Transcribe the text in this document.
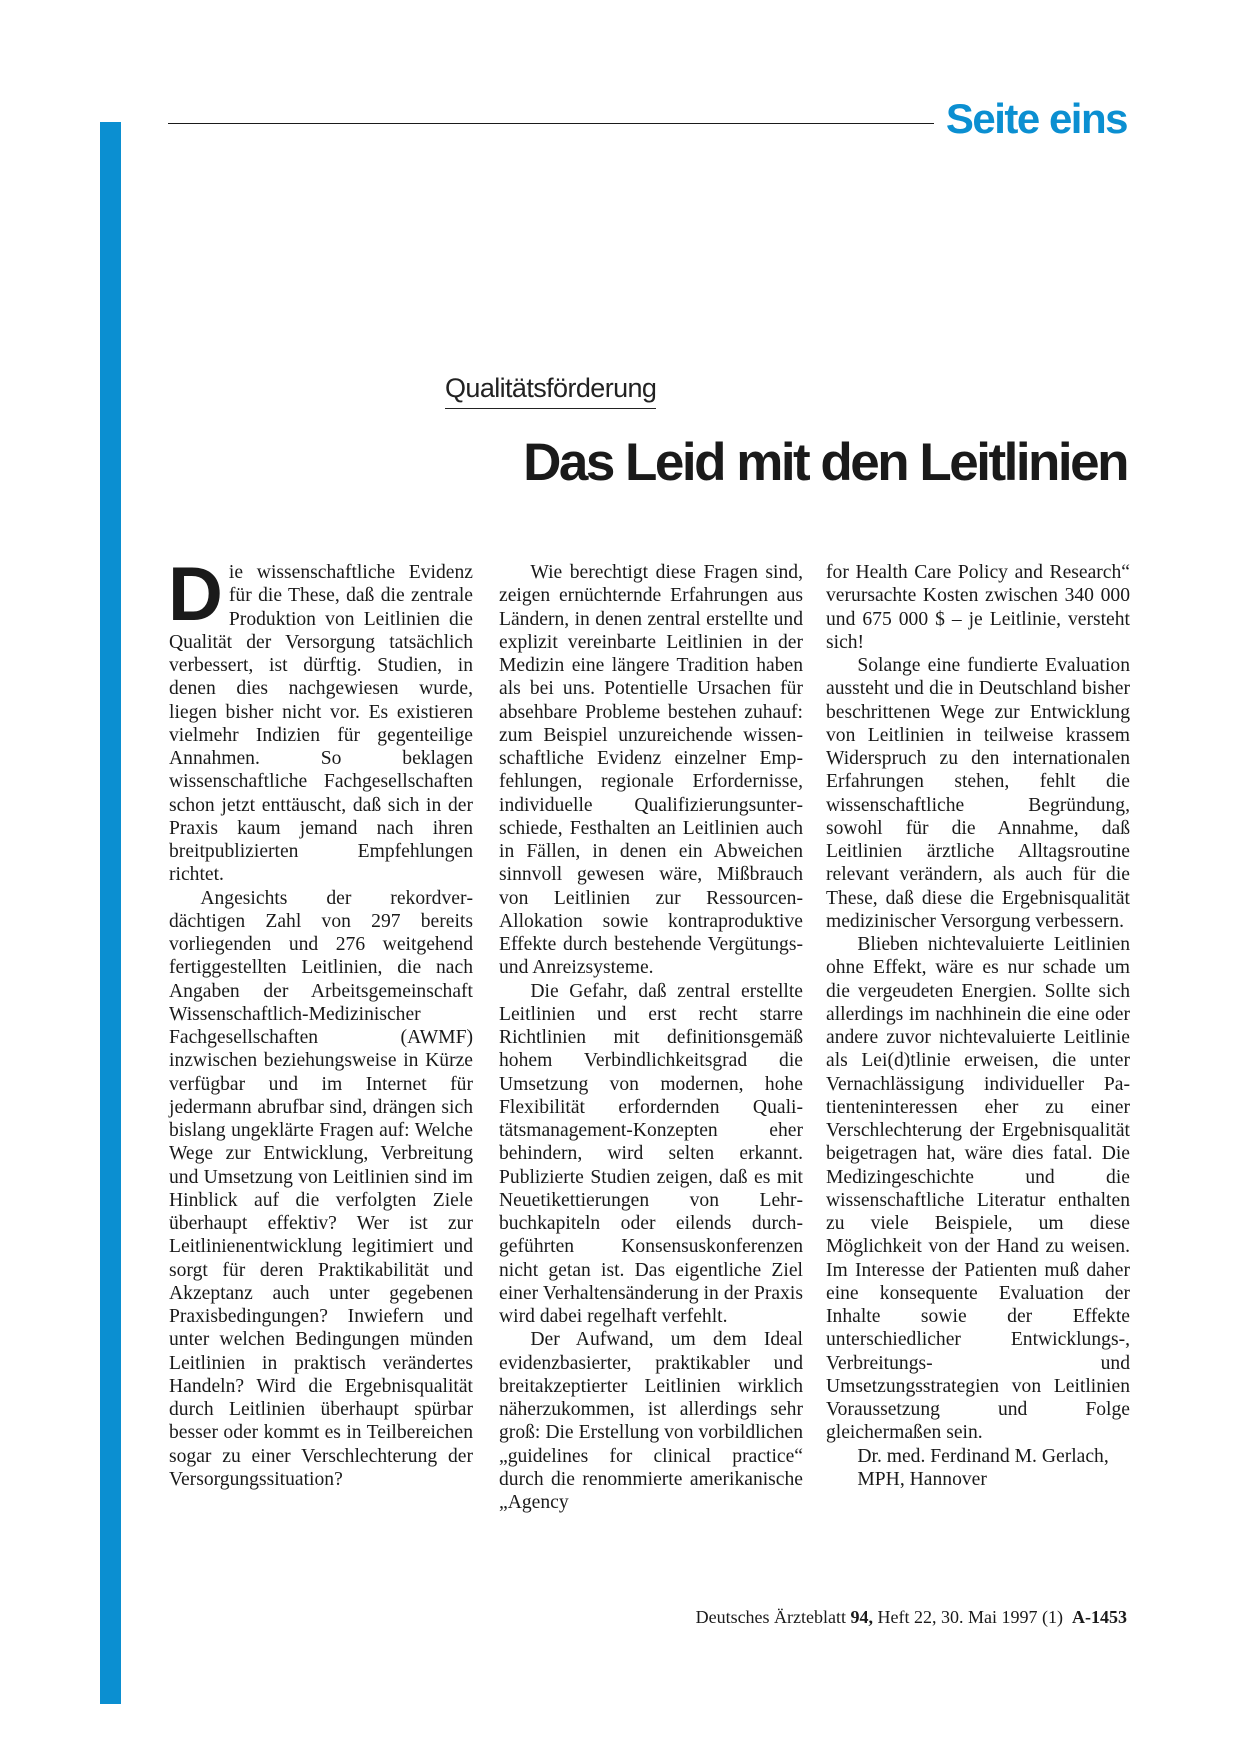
Seite eins
Qualitätsförderung
Das Leid mit den Leitlinien

Die wissenschaftliche Evidenz für die These, daß die zentrale Produktion von Leitlinien die Qualität der Versorgung tatsächlich verbessert, ist dürftig. Studien, in denen dies nachgewiesen wurde, liegen bisher nicht vor. Es existieren vielmehr Indizien für gegenteilige Annahmen. So beklagen wissenschaftliche Fachgesellschaften schon jetzt enttäuscht, daß sich in der Praxis kaum jemand nach ihren breitpublizierten Empfehlungen richtet.

Angesichts der rekordverdächtigen Zahl von 297 bereits vorliegenden und 276 weitgehend fertiggestellten Leitlinien, die nach Angaben der Arbeitsgemeinschaft Wissenschaftlich-Medizinischer Fachgesellschaften (AWMF) inzwischen beziehungsweise in Kürze verfügbar und im Internet für jedermann abrufbar sind, drängen sich bislang ungeklärte Fragen auf: Welche Wege zur Entwicklung, Verbreitung und Umsetzung von Leitlinien sind im Hinblick auf die verfolgten Ziele überhaupt effektiv? Wer ist zur Leitlinienentwicklung legitimiert und sorgt für deren Praktikabilität und Akzeptanz auch unter gegebenen Praxisbedingungen? Inwiefern und unter welchen Bedingungen münden Leitlinien in praktisch verändertes Handeln? Wird die Ergebnisqualität durch Leitlinien überhaupt spürbar besser oder kommt es in Teilbereichen sogar zu einer Verschlechterung der Versorgungssituation?

Wie berechtigt diese Fragen sind, zeigen ernüchternde Erfahrungen aus Ländern, in denen zentral erstellte und explizit vereinbarte Leitlinien in der Medizin eine längere Tradition haben als bei uns. Potentielle Ursachen für absehbare Probleme bestehen zuhauf: zum Beispiel unzureichende wissenschaftliche Evidenz einzelner Empfehlungen, regionale Erfordernisse, individuelle Qualifizierungsunterschiede, Festhalten an Leitlinien auch in Fällen, in denen ein Abweichen sinnvoll gewesen wäre, Mißbrauch von Leitlinien zur Ressourcen-Allokation sowie kontraproduktive Effekte durch bestehende Vergütungs- und Anreizsysteme.

Die Gefahr, daß zentral erstellte Leitlinien und erst recht starre Richtlinien mit definitionsgemäß hohem Verbindlichkeitsgrad die Umsetzung von modernen, hohe Flexibilität erfordernden Qualitätsmanagement-Konzepten eher behindern, wird selten erkannt. Publizierte Studien zeigen, daß es mit Neuetikettierungen von Lehrbuchkapiteln oder eilends durchgeführten Konsensuskonferenzen nicht getan ist. Das eigentliche Ziel einer Verhaltensänderung in der Praxis wird dabei regelhaft verfehlt.

Der Aufwand, um dem Ideal evidenzbasierter, praktikabler und breitakzeptierter Leitlinien wirklich näherzukommen, ist allerdings sehr groß: Die Erstellung von vorbildlichen „guidelines for clinical practice“ durch die renommierte amerikanische „Agency

for Health Care Policy and Research“ verursachte Kosten zwischen 340 000 und 675 000 $ – je Leitlinie, versteht sich!

Solange eine fundierte Evaluation aussteht und die in Deutschland bisher beschrittenen Wege zur Entwicklung von Leitlinien in teilweise krassem Widerspruch zu den internationalen Erfahrungen stehen, fehlt die wissenschaftliche Begründung, sowohl für die Annahme, daß Leitlinien ärztliche Alltagsroutine relevant verändern, als auch für die These, daß diese die Ergebnisqualität medizinischer Versorgung verbessern.

Blieben nichtevaluierte Leitlinien ohne Effekt, wäre es nur schade um die vergeudeten Energien. Sollte sich allerdings im nachhinein die eine oder andere zuvor nichtevaluierte Leitlinie als Lei(d)tlinie erweisen, die unter Vernachlässigung individueller Patienteninteressen eher zu einer Verschlechterung der Ergebnisqualität beigetragen hat, wäre dies fatal. Die Medizingeschichte und die wissenschaftliche Literatur enthalten zu viele Beispiele, um diese Möglichkeit von der Hand zu weisen. Im Interesse der Patienten muß daher eine konsequente Evaluation der Inhalte sowie der Effekte unterschiedlicher Entwicklungs-, Verbreitungs- und Umsetzungsstrategien von Leitlinien Voraussetzung und Folge gleichermaßen sein.

Dr. med. Ferdinand M. Gerlach,

MPH, Hannover

Deutsches Ärzteblatt 94, Heft 22, 30. Mai 1997 (1) A-1453
